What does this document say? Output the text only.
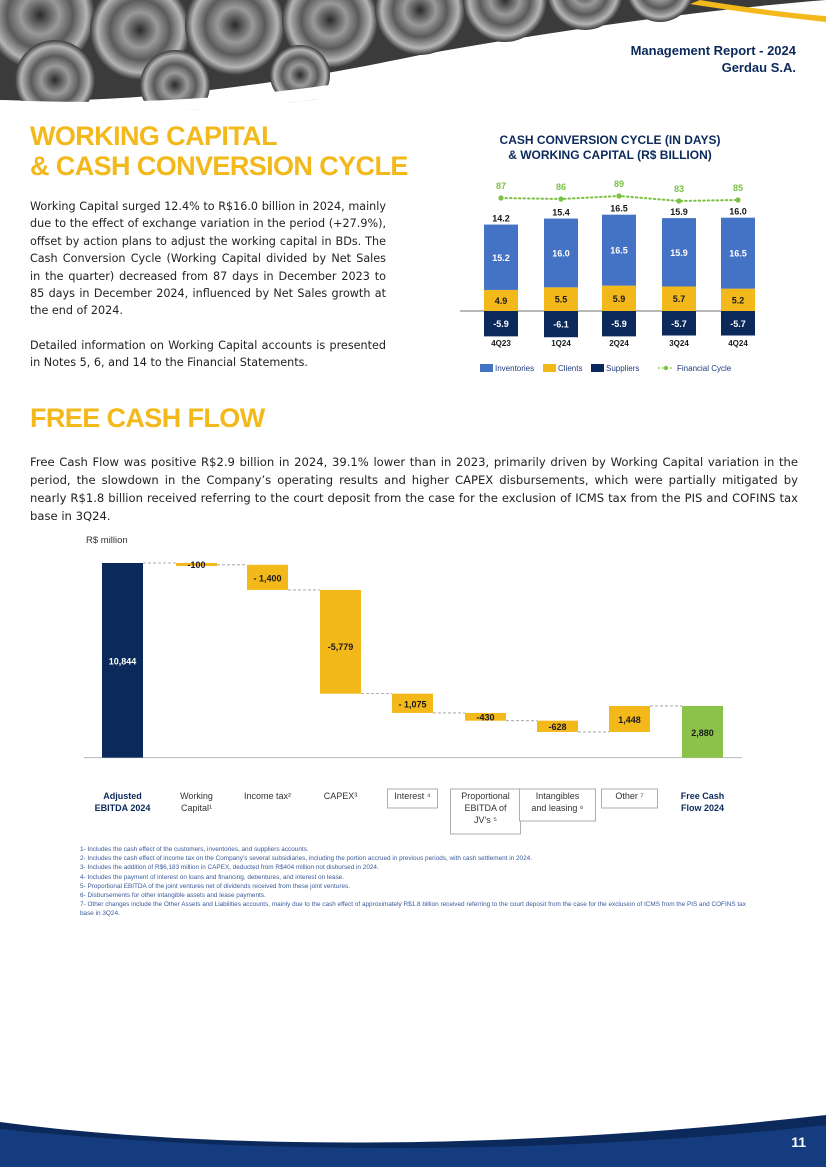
Management Report - 2024
Gerdau S.A.
WORKING CAPITAL
& CASH CONVERSION CYCLE
Working Capital surged 12.4% to R$16.0 billion in 2024, mainly due to the effect of exchange variation in the period (+27.9%), offset by action plans to adjust the working capital in BDs. The Cash Conversion Cycle (Working Capital divided by Net Sales in the quarter) decreased from 87 days in December 2023 to 85 days in December 2024, influenced by Net Sales growth at the end of 2024.
Detailed information on Working Capital accounts is presented in Notes 5, 6, and 14 to the Financial Statements.
CASH CONVERSION CYCLE (IN DAYS)
& WORKING CAPITAL (R$ BILLION)
4.9
15.2
-5.9
14.2
4Q23
87
5.5
16.0
-6.1
15.4
1Q24
86
5.9
16.5
-5.9
16.5
2Q24
89
5.7
15.9
-5.7
15.9
3Q24
83
5.2
16.5
-5.7
16.0
4Q24
85
Inventories	Clients	Suppliers	Financial Cycle
FREE CASH FLOW
Free Cash Flow was positive R$2.9 billion in 2024, 39.1% lower than in 2023, primarily driven by Working Capital variation in the period, the slowdown in the Company’s operating results and higher CAPEX disbursements, which were partially mitigated by nearly R$1.8 billion received referring to the court deposit from the case for the exclusion of ICMS tax from the PIS and COFINS tax base in 3Q24.
R$ million
10,844
-100
- 1,400
-5,779
- 1,075
-430
-628
1,448
2,880
Adjusted EBITDA 2024
Working Capital¹
Income tax²	CAPEX³	Interest ⁴	Proportional EBITDA of JV’s ⁵
Intangibles and leasing ⁶
Other ⁷	Free Cash Flow 2024
1- Includes the cash effect of the customers, inventories, and suppliers accounts.
2- Includes the cash effect of income tax on the Company’s several subsidiaries, including the portion accrued in previous periods, with cash settlement in 2024.
3- Includes the addition of R$6,183 million in CAPEX, deducted from R$404 million not disbursed in 2024.
4- Includes the payment of interest on loans and financing, debentures, and interest on lease.
5- Proportional EBITDA of the joint ventures net of dividends received from these joint ventures.
6- Disbursements for other intangible assets and lease payments.
7- Other changes include the Other Assets and Liabilities accounts, mainly due to the cash effect of approximately R$1.8 billion received referring to the court deposit from the case for the exclusion of ICMS from the PIS and COFINS tax base in 3Q24.
11
